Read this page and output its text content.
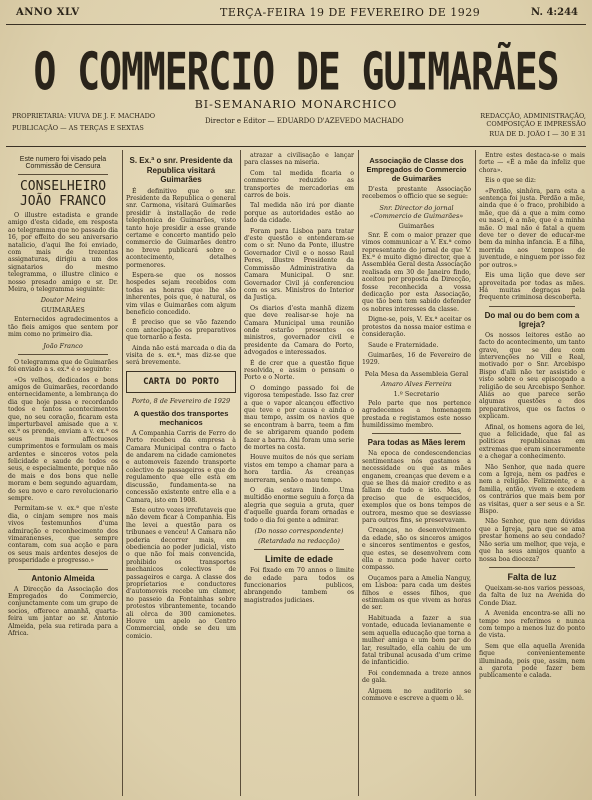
ANNO XLV	TERÇA-FEIRA 19 DE FEVEREIRO DE 1929	N. 4:244
O COMMERCIO DE GUIMARÃES
BI-SEMANARIO MONARCHICO
PROPRIETARIA: VIUVA DE J. F. MACHADO
PUBLICAÇÃO — AS TERÇAS E SEXTAS
Director e Editor — EDUARDO D'AZEVEDO MACHADO
REDACÇÃO, ADMINISTRAÇÃO, COMPOSIÇÃO E IMPRESSÃO
RUA DE D. JOÃO I — 30 E 31
Este numero foi visado pela Commissão de Censura
CONSELHEIRO JOÃO FRANCO

O illustre estadista e grande amigo d'esta cidade, em resposta ao telegramma que no passado dia 16, por effeito do seu aniversario natalicio, d'aqui lhe foi enviado, com mais de trezentas assignaturas, dirigiu a um dos signatarios do mesmo telegramma, o illustre clinico e nosso presado amigo e sr. Dr. Meira, o telegramma seguinte:

Doutor Meira
GUIMARÃES

Enternecidos agradecimentos a tão fieis amigos que sentem por mim como no primeiro dia.

João Franco

O telegramma que de Guimarães foi enviado a s. ex.ª é o seguinte:

«Os velhos, dedicados e bons amigos de Guimarães, recordando enternecidamente, a lembrança do dia que hoje passa e recordando todos e tantos acontecimentos que, no seu coração, ficaram esta imperturbavel amisade que a v. ex.ª os prende, enviam a v. ex.ª os seus mais affectuosos cumprimentos e formulam os mais ardentes e sinceros votos pela felicidade e saude de todos os seus, e especialmente, porque não de mais e dos bons que nelle moram e bem segundo aguardam, do seu novo e caro revolucionario sempre.

Permitam-se v. ex.ª que n'este dia, o cinjam sempre nos mais vivos testemunhos d'uma admiração e reconhecimento dos vimaranenses, que sempre contaram, com sua acção e para os seus mais ardentes desejos de prosperidade e progresso.»

Antonio Almeida

A Direcção da Associação dos Empregados do Commercio, conjunctamente com um grupo de socios, offerece amanhã, quarta-feira um jantar ao sr. Antonio Almeida, pela sua retirada para a Africa.

S. Ex.ª o snr. Presidente da Republica visitará Guimarães

É definitivo que o snr. Presidente da Republica o general snr. Carmona, visitará Guimarães presidir à installação de rede telephonica de Guimarães, visto tanto hoje presidir a esse grande certame e concerto mantido pelo commercio de Guimarães dentro no breve publicará sobre o acontecimento, detalhes pormenores.

Espera-se que os nossos hospedes sejam recebidos com todas as honras que lhe são inherentes, pois que, é natural, os vim vilas e Guimarães com algum beneficio concedido.

É preciso que se vão fazendo com antecipação os preparativos que tornarão a festa.

Ainda não está marcada o dia da visita de s. ex.ª, mas diz-se que será brevemente.

CARTA DO PORTO
Porto, 8 de Fevereiro de 1929
A questão dos transportes mechanicos

A Companhia Carris de Ferro do Porto recebeu da empresa à Camara Municipal contra o facto de andarem na cidade camionetes e automoveis fazendo transporte colectivo de passageiros e que do regulamento que elle está em discussão, fundamenta-se na concessão existente entre ella e a Camara, isto em 1908.

Este outro vozes irrefutaveis que não devem ficar à Companhia. Eis lhe levei a questão para os tribunaes e venceu! A Camara não poderia decorrer mais, em obediencia ao poder judicial, visto o que não foi mais convencida, prohibido os transportes mechanicos colectivos de passageiros e carga. A classe dos proprietarios e conductores d'automoveis recebe um clamor, no passeio da Fontainhas sobre protestos vibrantemente, tocando ali cêrca de 300 camionetes. Houve um apelo ao Centro Commercial, onde se deu um comicio.

atrazar a civilisação e lançar para classes na miseria.

Com tal medida ficaria o commercio reduzido as transportes de mercadorias em carros de bois.

Tal medida não irá por diante porque as autoridades estão ao lado da cidade.

Foram para Lisboa para tratar d'este questão e entenderam-se com o sr. Nuno da Ponte, illustre Governador Civil e o nosso Raul Peres, illustre Presidente da Commissão Administrativa da Camara Municipal. O snr. Governador Civil já conferenciou com os srs. Ministros do Interior da Justiça.

Os diarios d'esta manhã dizem que deve realisar-se hoje na Camara Municipal uma reunião onde estarão presentes os ministros, governador civil e presidente da Camara do Porto, advogados e interessados.

É de crer que a questão fique resolvida, e assim o pensam o Porto e o Norte.

O domingo passado foi de vigorosa tempestade. Isso faz crer a que o vapor alcançou effectivo que teve e por causa e ainda o mau tempo, assim os navios que se encontram à barra, teem a fim de se abrigarem quando podem fazer a barra. Ahi foram uma serie de mortes na costa.

Houve muitos de nós que seriam vistos em tempo a chamar para a hora tardia. As creanças morreram, senão o mau tempo.

O dia estava lindo. Uma multidão enorme seguiu a força da alegria que seguia a gruta, quer d'aquelle guarda foram ornadas e todo o dia foi gente a admirar.

(Do nosso correspondente)
(Retardada na redacção)
Limite de edade

Foi fixado em 70 annos o limite de edade para todos os funccionarios publicos, abrangendo tambem os magistrados judiciaes.

Associação de Classe dos Empregados do Commercio de Guimarães

D'esta prestante Associação recebemos o officio que se segue:

Snr. Director do jornal «Commercio de Guimarães»
Guimarães

Snr. É com o maior prazer que vimos communicar a V. Ex.ª como representante do jornal de que V. Ex.ª é muito digno director, que a Assembléa Geral desta Associação realisada em 30 de Janeiro findo, aceitou por proposta da Direcção, fosse reconhecida a vossa dedicação por esta Associação, que tão bem tem sabido defender os nobres interesses da classe.

Digne-se, pois, V. Ex.ª aceitar os protestos da nossa maior estima e consideração.

Saude e Fraternidade.

Guimarães, 16 de Fevereiro de 1929.

Pela Mesa da Assembleia Geral
Amaro Alves Ferreira
1.º Secretario

Pelo parte que nos pertence agradecemos a homenagem prestada e registamos este nosso humildissimo membro.

Para todas as Mães lerem

Na epoca de condescendencias sentimentaes nós gastamos a necessidade ou que as mães enganem, creanças que devem e a que se lhes dá maior credito e as fallam de tudo e isto. Mas, é preciso que de esquecidos, exemplos que os bons tempos de outrora, mesmo que se desviasse para outros fins, se preservavam.

Creanças, no desenvolvimento da edade, são os sinceros amigos e sinceros sentimentos e gestos, que estes, se desenvolvem com ella e nunca pode haver certo compasso.

Ouçamos para a Amelia Nanguy, em Lisboa: para cada um destes filhos e esses filhos, que estimulam os que vivem as horas de ser.

Habituada a fazer a sua vontade, educada levianamente e sem aquella educação que torna a mulher amiga e um bom par do lar, resultado, ella cahiu de um fatal tribunal acusada d'um crime de infanticidio.

Foi condemnada a treze annos de gala.

Alguem no auditorio se commove e escreve a quem o lê.

Entre estes destaca-se o mais forte — «É a mãe da infeliz que chora».

Eis o que se diz:

«Perdão, sinhôra, para esta a sentença foi justa. Perdão a mãe, ainda que é o fraco, prohibido a mãe, que dá a que a mim como eu nasci, é a mãe, que é a minha mãe. O mal não é fatal a quem deve ter o dever de educar-me bem da minha infancia. E a filha, morrida aos tempos de juventude, e ninguem por isso fez por outros.»

Eis uma lição que deve ser aproveitada por todas as mães. Há muitas degraças pela frequente criminosa descoberta.

Do mal ou do bem com a Igreja?

Os nossos leitores estão ao facto do acontecimento, um tanto grave, que se deu com intervenções no Vill e Real, motivado por o Snr. Arcebispo Bispo d'alli não ter assistido e visto sobre o seu episcopado a religião de seu Arcebispo Senhor. Aliás ao que parece serão algumas questões e dos preparativos, que os factos o explicam.

Afinal, os homens agora de lei, que a felicidade, que fal as politicas republicanas em extremas que eram sinceramente e a chegar a conhecimento.

Não Senhor, que nada quere com a Igreja, nem os padres e nem a religião. Felizmente, e a familia, então, vivem e excedem os contrários que mais bem por as visitas, quer a ser seus e a Sr. Bispo.

Não Senhor, que nem dúvidas que a Igreja, para que se ama prestar homens ao seu condado? Não seria um melhor, que veja, e que ha seus amigos quanto a nossa boa dioceza?

Falta de luz

Queixam-se-nos varios pessoas, da falta de luz na Avenida do Conde Diaz.

A Avenida encontra-se alli no tempo nos referimos e nunca com tempo a menos luz do ponto de vista.

Sem que ella aquella Avenida fique convenientemente illuminada, pois que, assim, nem a garota pode fazer bem publicamente e calada.
